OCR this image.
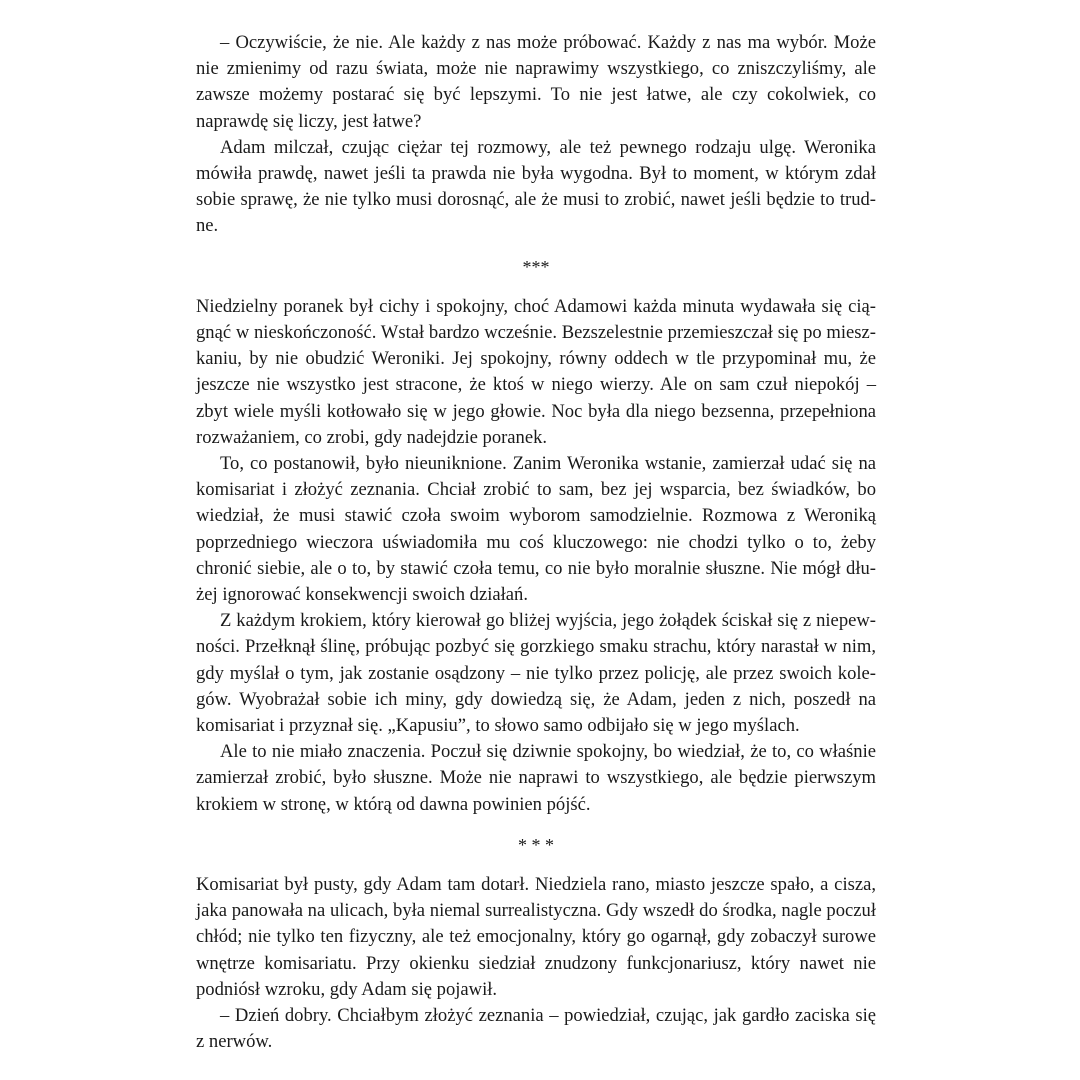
– Oczywiście, że nie. Ale każdy z nas może próbować. Każdy z nas ma wybór. Może nie zmienimy od razu świata, może nie naprawimy wszystkiego, co zniszczyliśmy, ale zawsze możemy postarać się być lepszymi. To nie jest łatwe, ale czy cokolwiek, co naprawdę się liczy, jest łatwe?

Adam milczał, czując ciężar tej rozmowy, ale też pewnego rodzaju ulgę. Weronika mówiła prawdę, nawet jeśli ta prawda nie była wygodna. Był to moment, w którym zdał sobie sprawę, że nie tylko musi dorosnąć, ale że musi to zrobić, nawet jeśli będzie to trudne.

***

Niedzielny poranek był cichy i spokojny, choć Adamowi każda minuta wydawała się ciągnąć w nieskończoność. Wstał bardzo wcześnie. Bezszelestnie przemieszczał się po mieszkaniu, by nie obudzić Weroniki. Jej spokojny, równy oddech w tle przypominał mu, że jeszcze nie wszystko jest stracone, że ktoś w niego wierzy. Ale on sam czuł niepokój – zbyt wiele myśli kotłowało się w jego głowie. Noc była dla niego bezsenna, przepełniona rozważaniem, co zrobi, gdy nadejdzie poranek.

To, co postanowił, było nieuniknione. Zanim Weronika wstanie, zamierzał udać się na komisariat i złożyć zeznania. Chciał zrobić to sam, bez jej wsparcia, bez świadków, bo wiedział, że musi stawić czoła swoim wyborom samodzielnie. Rozmowa z Weroniką poprzedniego wieczora uświadomiła mu coś kluczowego: nie chodzi tylko o to, żeby chronić siebie, ale o to, by stawić czoła temu, co nie było moralnie słuszne. Nie mógł dłużej ignorować konsekwencji swoich działań.

Z każdym krokiem, który kierował go bliżej wyjścia, jego żołądek ściskał się z niepewności. Przełknął ślinę, próbując pozbyć się gorzkiego smaku strachu, który narastał w nim, gdy myślał o tym, jak zostanie osądzony – nie tylko przez policję, ale przez swoich kolegów. Wyobrażał sobie ich miny, gdy dowiedzą się, że Adam, jeden z nich, poszedł na komisariat i przyznał się. „Kapusiu”, to słowo samo odbijało się w jego myślach.

Ale to nie miało znaczenia. Poczuł się dziwnie spokojny, bo wiedział, że to, co właśnie zamierzał zrobić, było słuszne. Może nie naprawi to wszystkiego, ale będzie pierwszym krokiem w stronę, w którą od dawna powinien pójść.

* * *

Komisariat był pusty, gdy Adam tam dotarł. Niedziela rano, miasto jeszcze spało, a cisza, jaka panowała na ulicach, była niemal surrealistyczna. Gdy wszedł do środka, nagle poczuł chłód; nie tylko ten fizyczny, ale też emocjonalny, który go ogarnął, gdy zobaczył surowe wnętrze komisariatu. Przy okienku siedział znudzony funkcjonariusz, który nawet nie podniósł wzroku, gdy Adam się pojawił.

– Dzień dobry. Chciałbym złożyć zeznania – powiedział, czując, jak gardło zaciska się z nerwów.
